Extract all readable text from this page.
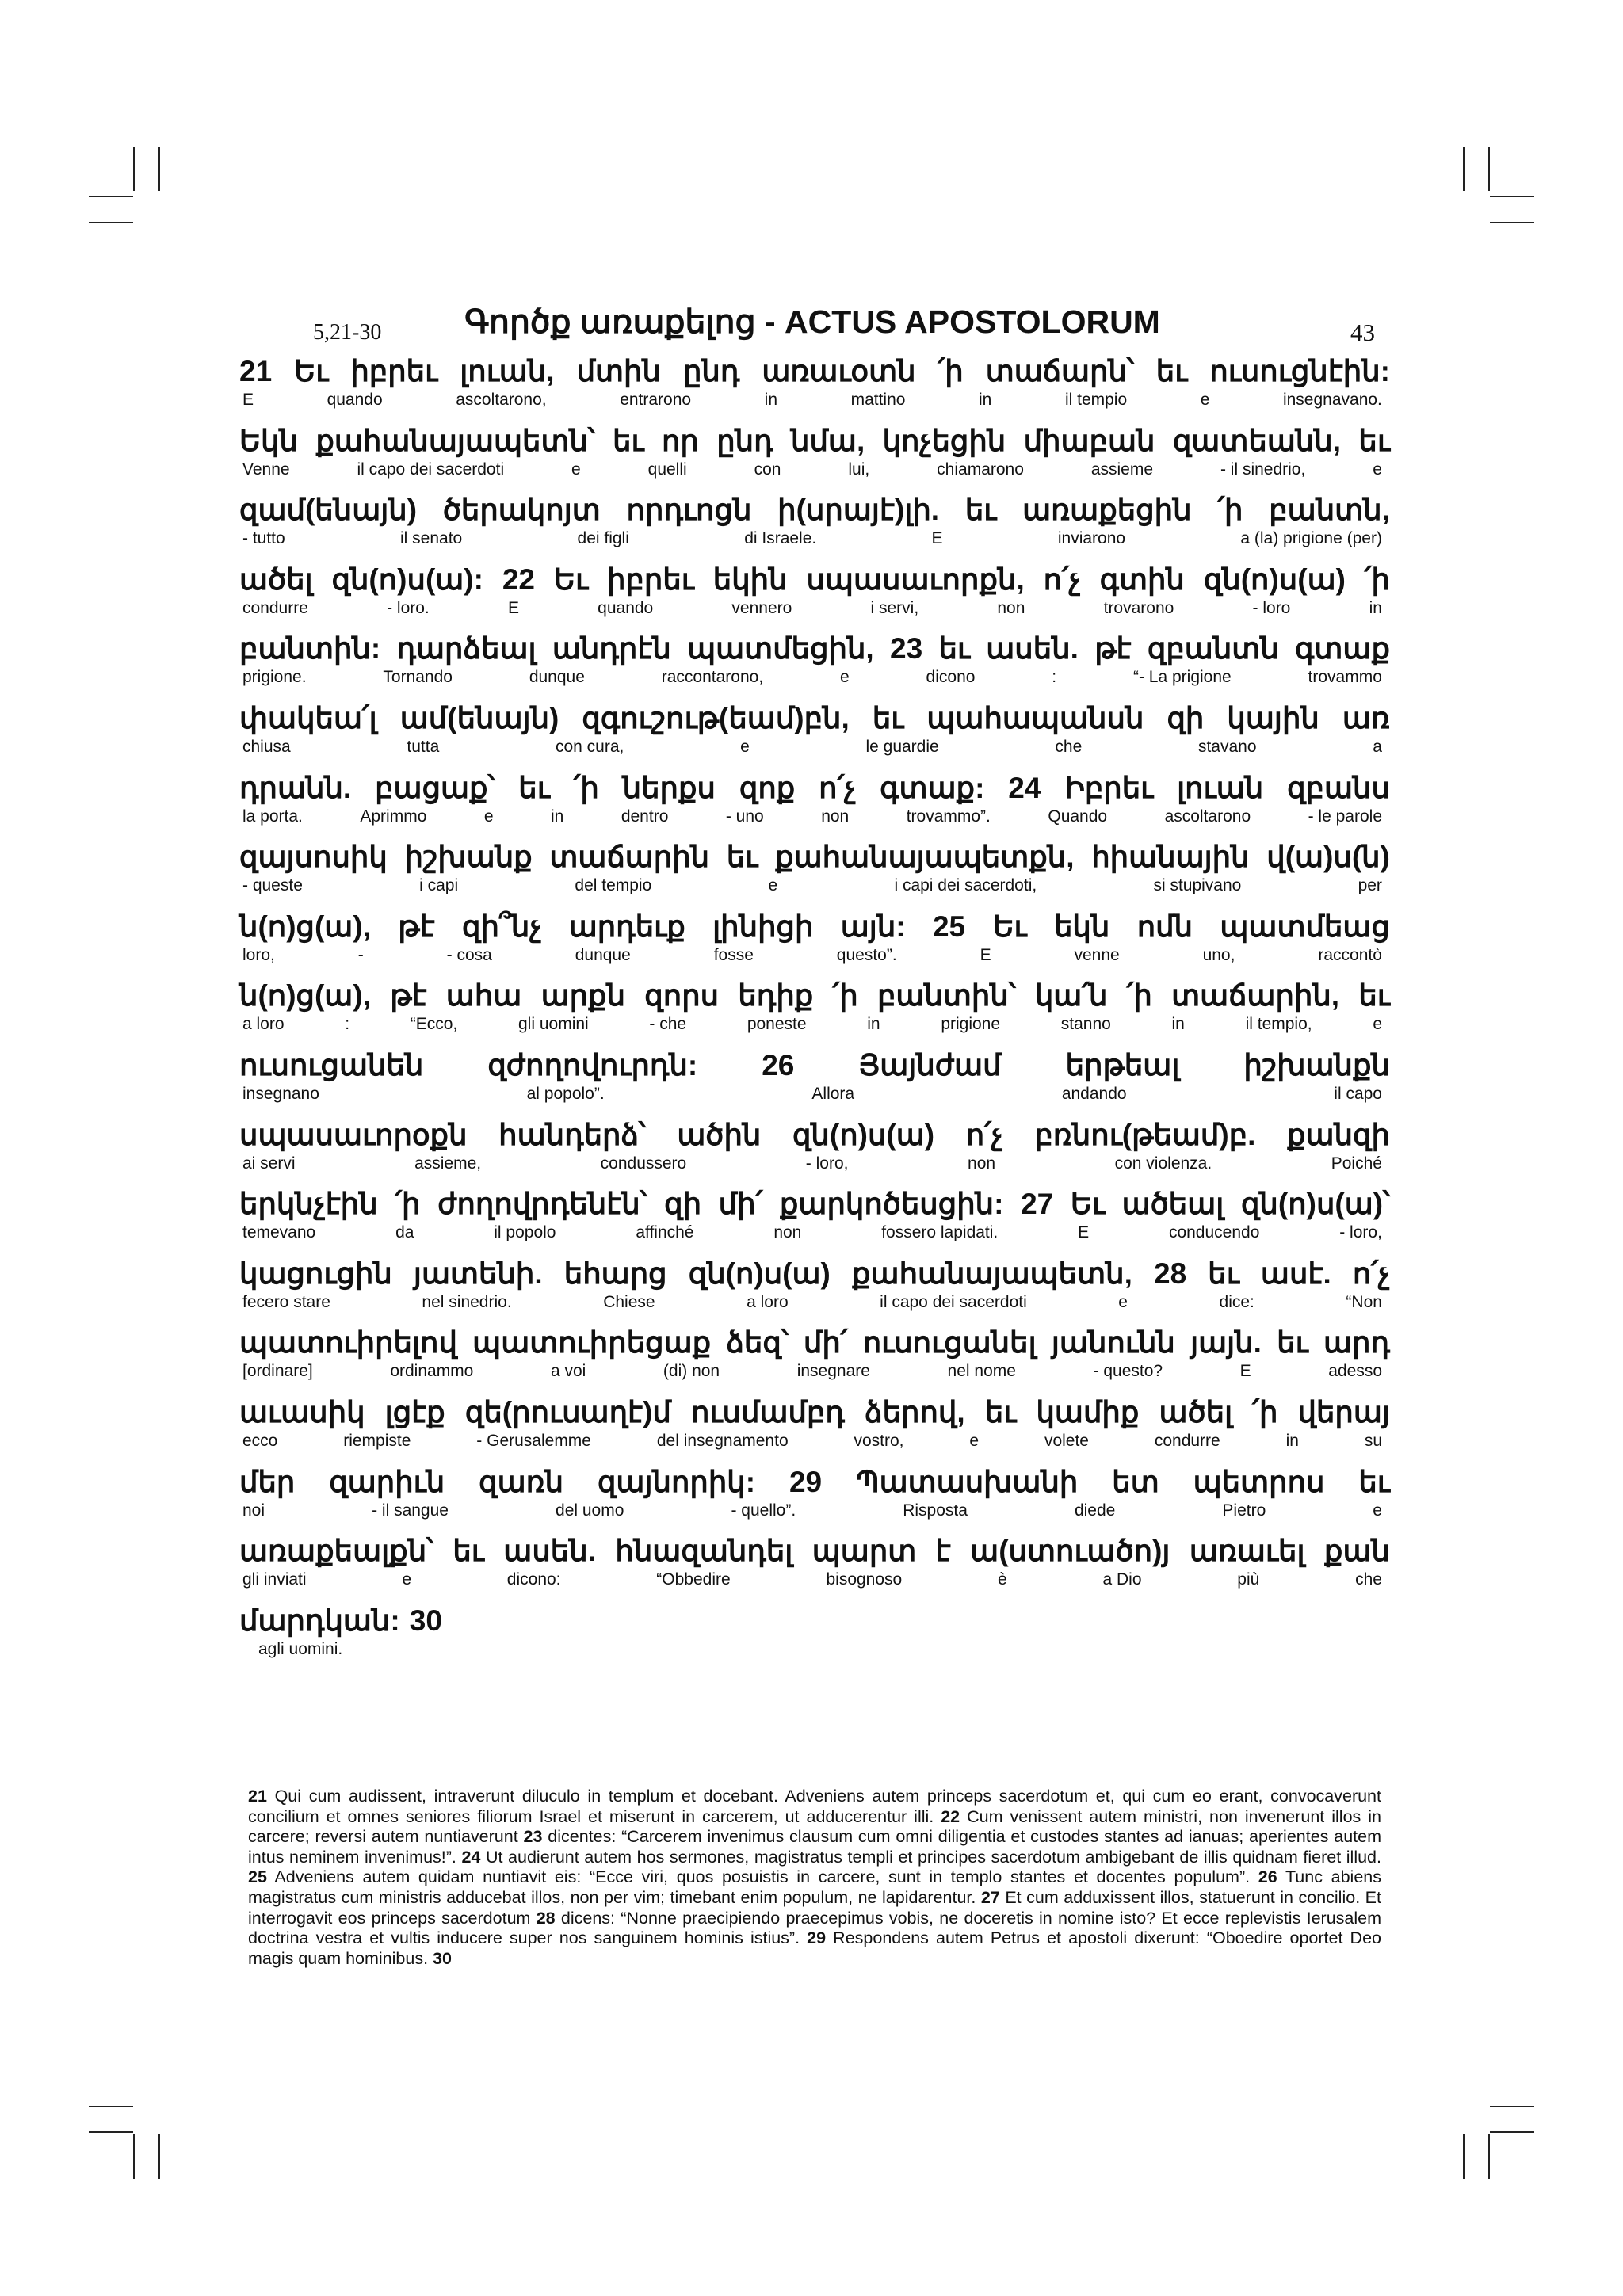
5,21-30	Գործք առաքելոց - ACTUS APOSTOLORUM	43
21 Եւ իբրեւ լուան, մտին ընդ առաւօտն ՛ի տաճարն՝ եւ ուսուցնէին:
E	quando	ascoltarono,	entrarono	in	mattino	in	il tempio	e	insegnavano.
Եկն քահանայապետն՝ եւ որ ընդ նմա, կոչեցին միաբան զատեանն, եւ
Venne	il capo dei sacerdoti	e	quelli	con	lui,	chiamarono	assieme	- il sinedrio,	e
զամ(ենայն) ծերակոյտ որդւոցն ի(սրայէ)լի. եւ առաքեցին ՛ի բանտն,
- tutto	il senato	dei figli	di Israele.	E	inviarono	a (la) prigione (per)
ածել զն(ո)ս(ա): 22 Եւ իբրեւ եկին սպասաւորքն, ո՛չ գտին զն(ո)ս(ա) ՛ի
condurre	- loro.	E	quando	vennero	i servi,	non	trovarono	- loro	in
բանտին: դարձեալ անդրէն պատմեցին, 23 եւ ասեն. թէ զբանտն գտաք
prigione.	Tornando	dunque	raccontarono,	e	dicono	:	“- La prigione	trovammo
փակեա՛լ ամ(ենայն) զգուշութ(եամ)բն, եւ պահապանսն զի կային առ
chiusa	tutta	con cura,	e	le guardie	che	stavano	a
դրանն. բացաք՝ եւ ՛ի ներքս զոք ո՛չ գտաք: 24 Իբրեւ լուան զբանս
la porta.	Aprimmo	e	in	dentro	- uno	non	trovammo”.	Quando	ascoltarono	- le parole
զայսոսիկ իշխանք տաճարին եւ քահանայապետքն, հիանային վ(ա)ս(ն)
- queste	i capi	del tempio	e	i capi dei sacerdoti,	si stupivano	per
ն(ո)ց(ա), թէ զի՞նչ արդեւք լինիցի այն: 25 Եւ եկն ոմն պատմեաց
loro,	-	- cosa	dunque	fosse	questo”.	E	venne	uno,	raccontò
ն(ո)ց(ա), թէ ահա արքն զորս եդիք ՛ի բանտին՝ կա՛ն ՛ի տաճարին, եւ
a loro	:	“Ecco,	gli uomini	- che	poneste	in	prigione	stanno	in	il tempio,	e
ուսուցանեն զժողովուրդն: 26 Յայնժամ երթեալ իշխանքն
insegnano	al popolo”.	Allora	andando	il capo
սպասաւորօքն հանդերձ՝ ածին զն(ո)ս(ա) ո՛չ բռնու(թեամ)բ. քանզի
ai servi	assieme,	condussero	- loro,	non	con violenza.	Poiché
երկնչէին ՛ի ժողովրդենէն՝ զի մի՛ քարկոծեսցին: 27 Եւ ածեալ զն(ո)ս(ա)՝
temevano	da	il popolo	affinché	non	fossero lapidati.	E	conducendo	- loro,
կացուցին յատենի. եհարց զն(ո)ս(ա) քահանայապետն, 28 եւ ասէ. ո՛չ
fecero stare	nel sinedrio.	Chiese	a loro	il capo dei sacerdoti	e	dice:	“Non
պատուիրելով պատուիրեցաք ձեզ՝ մի՛ ուսուցանել յանունն յայն. եւ արդ
[ordinare]	ordinammo	a voi	(di) non	insegnare	nel nome	- questo?	E	adesso
աւասիկ լցէք զե(րուսաղէ)մ ուսմամբդ ձերով, եւ կամիք ածել ՛ի վերայ
ecco	riempiste	- Gerusalemme	del insegnamento	vostro,	e	volete	condurre	in	su
մեր զարիւն զառն զայնորիկ: 29 Պատասխանի ետ պետրոս եւ
noi	- il sangue	del uomo	- quello”.	Risposta	diede	Pietro	e
առաքեալքն՝ եւ ասեն. հնազանդել պարտ է ա(ստուածո)յ առաւել քան
gli inviati	e	dicono:	“Obbedire	bisognoso	è	a Dio	più	che
մարդկան: 30
agli uomini.
21 Qui cum audissent, intraverunt diluculo in templum et docebant. Adveniens autem princeps sacerdotum et, qui cum eo erant, convocaverunt concilium et omnes seniores filiorum Israel et miserunt in carcerem, ut adducerentur illi. 22 Cum venissent autem ministri, non invenerunt illos in carcere; reversi autem nuntiaverunt 23 dicentes: “Carcerem invenimus clausum cum omni diligentia et custodes stantes ad ianuas; aperientes autem intus neminem invenimus!”. 24 Ut audierunt autem hos sermones, magistratus templi et principes sacerdotum ambigebant de illis quidnam fieret illud. 25 Adveniens autem quidam nuntiavit eis: “Ecce viri, quos posuistis in carcere, sunt in templo stantes et docentes populum”. 26 Tunc abiens magistratus cum ministris adducebat illos, non per vim; timebant enim populum, ne lapidarentur. 27 Et cum adduxissent illos, statuerunt in concilio. Et interrogavit eos princeps sacerdotum 28 dicens: “Nonne praecipiendo praecepimus vobis, ne doceretis in nomine isto? Et ecce replevistis Ierusalem doctrina vestra et vultis inducere super nos sanguinem hominis istius”. 29 Respondens autem Petrus et apostoli dixerunt: “Oboedire oportet Deo magis quam hominibus. 30
